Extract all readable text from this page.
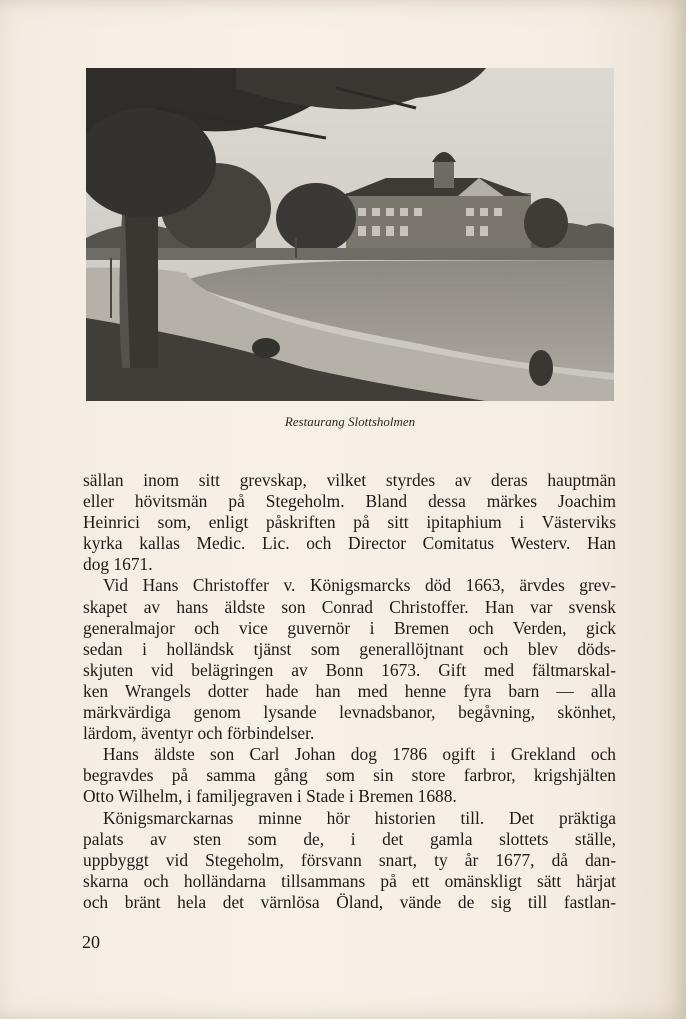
Restaurang Slottsholmen
sällan inom sitt grevskap, vilket styrdes av deras hauptmän
eller hövitsmän på Stegeholm. Bland dessa märkes Joachim
Heinrici som, enligt påskriften på sitt ipitaphium i Västerviks
kyrka kallas Medic. Lic. och Director Comitatus Westerv. Han
dog 1671.
Vid Hans Christoffer v. Königsmarcks död 1663, ärvdes grev-
skapet av hans äldste son Conrad Christoffer. Han var svensk
generalmajor och vice guvernör i Bremen och Verden, gick
sedan i holländsk tjänst som generallöjtnant och blev döds-
skjuten vid belägringen av Bonn 1673. Gift med fältmarskal-
ken Wrangels dotter hade han med henne fyra barn — alla
märkvärdiga genom lysande levnadsbanor, begåvning, skönhet,
lärdom, äventyr och förbindelser.
Hans äldste son Carl Johan dog 1786 ogift i Grekland och
begravdes på samma gång som sin store farbror, krigshjälten
Otto Wilhelm, i familjegraven i Stade i Bremen 1688.
Königsmarckarnas minne hör historien till. Det präktiga
palats av sten som de, i det gamla slottets ställe,
uppbyggt vid Stegeholm, försvann snart, ty år 1677, då dan-
skarna och holländarna tillsammans på ett omänskligt sätt härjat
och bränt hela det värnlösa Öland, vände de sig till fastlan-
20
